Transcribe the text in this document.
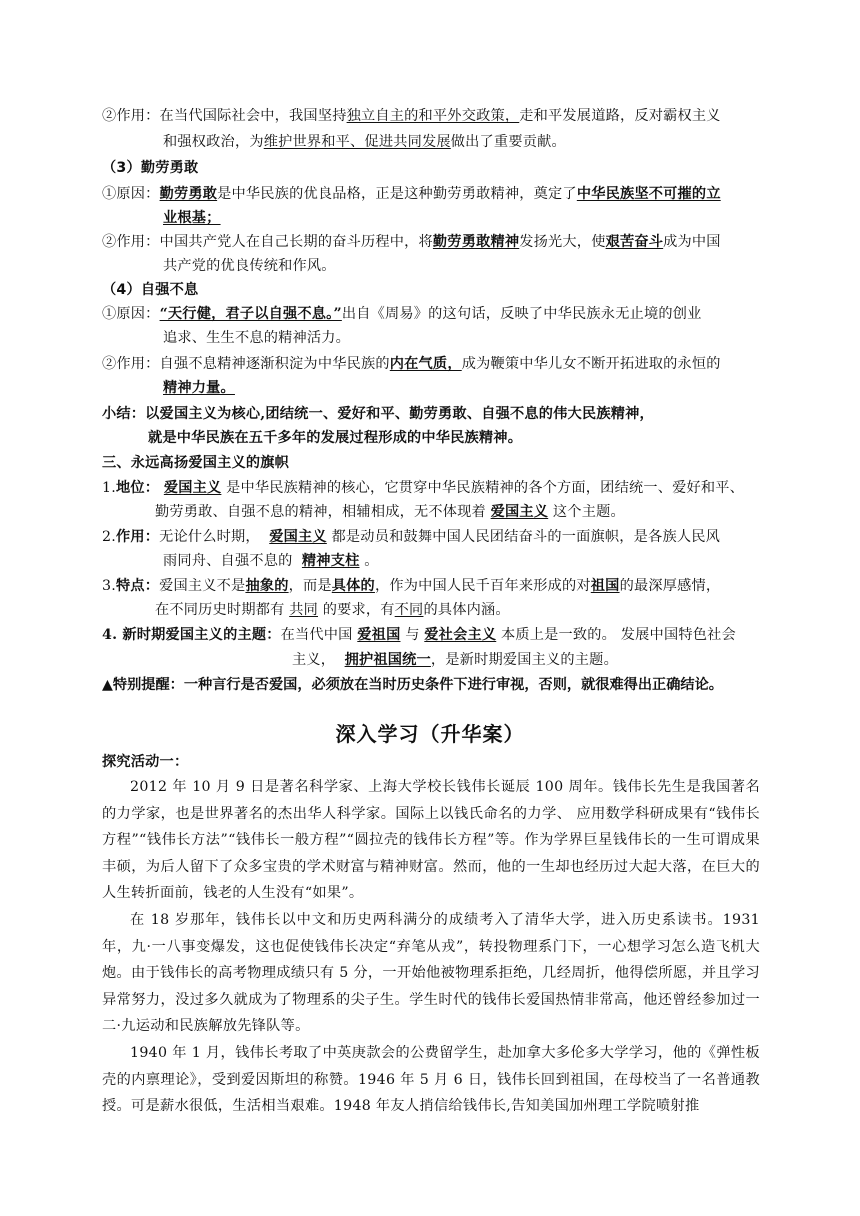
②作用：在当代国际社会中，我国坚持独立自主的和平外交政策，走和平发展道路，反对霸权主义
和强权政治，为维护世界和平、促进共同发展做出了重要贡献。
（3）勤劳勇敢
①原因：勤劳勇敢是中华民族的优良品格，正是这种勤劳勇敢精神，奠定了中华民族坚不可摧的立
业根基；
②作用：中国共产党人在自己长期的奋斗历程中，将勤劳勇敢精神发扬光大，使艰苦奋斗成为中国
共产党的优良传统和作风。
（4）自强不息
①原因：“天行健，君子以自强不息。”出自《周易》的这句话，反映了中华民族永无止境的创业
追求、生生不息的精神活力。
②作用：自强不息精神逐渐积淀为中华民族的内在气质，成为鞭策中华儿女不断开拓进取的永恒的
精神力量。
小结：以爱国主义为核心,团结统一、爱好和平、勤劳勇敢、自强不息的伟大民族精神，
就是中华民族在五千多年的发展过程形成的中华民族精神。
三、永远高扬爱国主义的旗帜
1.地位： 爱国主义 是中华民族精神的核心，它贯穿中华民族精神的各个方面，团结统一、爱好和平、
勤劳勇敢、自强不息的精神，相辅相成，无不体现着 爱国主义 这个主题。
2.作用：无论什么时期， 爱国主义 都是动员和鼓舞中国人民团结奋斗的一面旗帜，是各族人民风
雨同舟、自强不息的 精神支柱 。
3.特点：爱国主义不是抽象的，而是具体的，作为中国人民千百年来形成的对祖国的最深厚感情，
在不同历史时期都有 共同 的要求，有不同的具体内涵。
4. 新时期爱国主义的主题：在当代中国 爱祖国 与 爱社会主义 本质上是一致的。 发展中国特色社会
主义， 拥护祖国统一，是新时期爱国主义的主题。
▲特别提醒：一种言行是否爱国，必须放在当时历史条件下进行审视，否则，就很难得出正确结论。
深入学习（升华案）
探究活动一：
2012 年 10 月 9 日是著名科学家、上海大学校长钱伟长诞辰 100 周年。钱伟长先生是我国著名的力学家，也是世界著名的杰出华人科学家。国际上以钱氏命名的力学、 应用数学科研成果有“钱伟长方程”“钱伟长方法”“钱伟长一般方程”“圆拉壳的钱伟长方程”等。作为学界巨星钱伟长的一生可谓成果丰硕，为后人留下了众多宝贵的学术财富与精神财富。然而，他的一生却也经历过大起大落，在巨大的人生转折面前，钱老的人生没有“如果”。
在 18 岁那年，钱伟长以中文和历史两科满分的成绩考入了清华大学，进入历史系读书。1931 年，九·一八事变爆发，这也促使钱伟长决定“弃笔从戎”，转投物理系门下，一心想学习怎么造飞机大炮。由于钱伟长的高考物理成绩只有 5 分，一开始他被物理系拒绝，几经周折，他得偿所愿，并且学习异常努力，没过多久就成为了物理系的尖子生。学生时代的钱伟长爱国热情非常高，他还曾经参加过一二·九运动和民族解放先锋队等。
1940 年 1 月，钱伟长考取了中英庚款会的公费留学生，赴加拿大多伦多大学学习，他的《弹性板壳的内禀理论》，受到爱因斯坦的称赞。1946 年 5 月 6 日，钱伟长回到祖国，在母校当了一名普通教授。可是薪水很低，生活相当艰难。1948 年友人捎信给钱伟长,告知美国加州理工学院喷射推
